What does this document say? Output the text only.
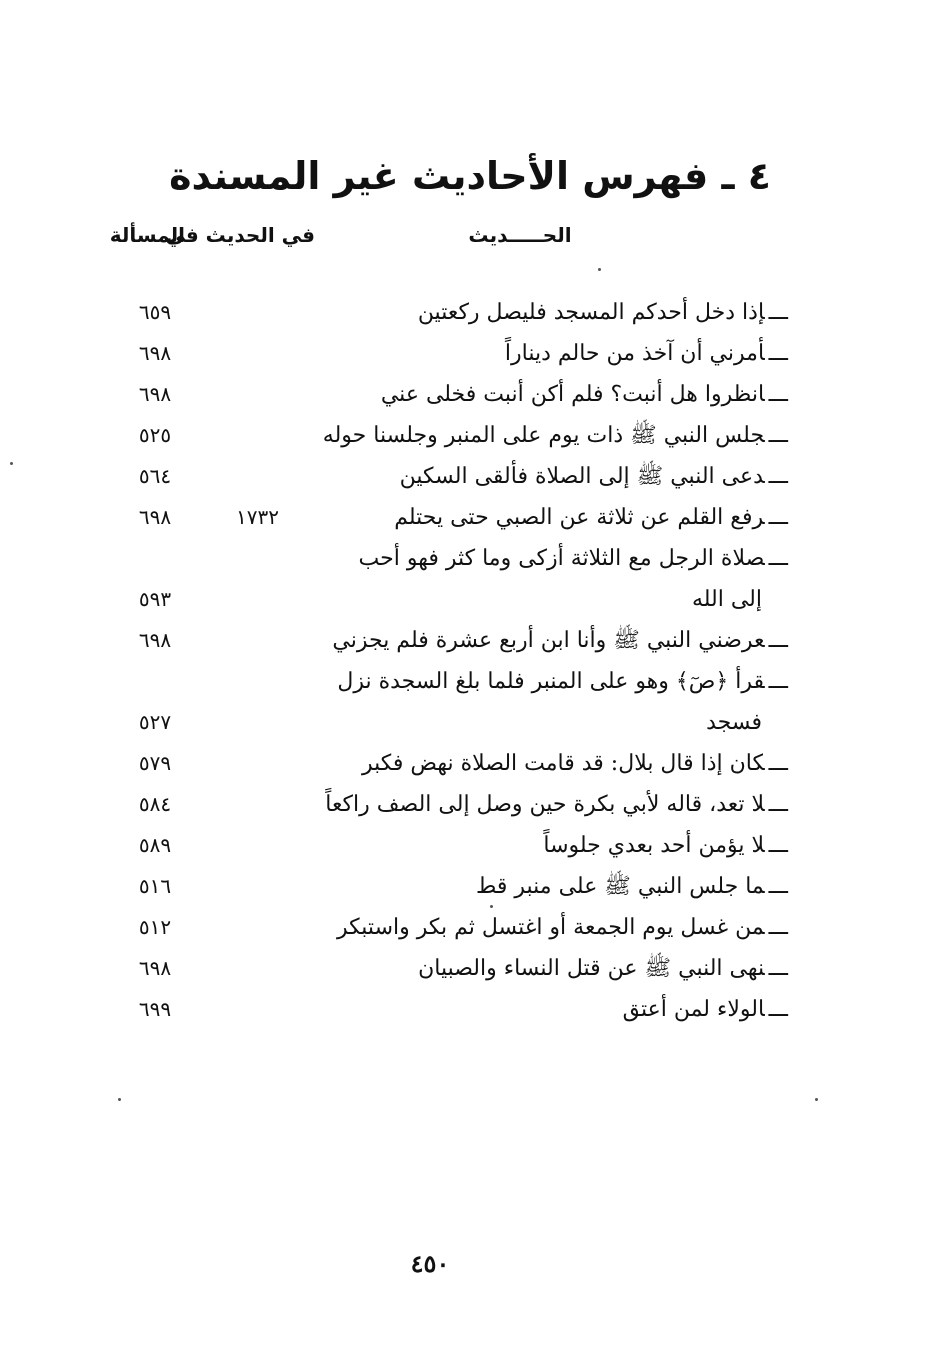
٤ ـ فهرس الأحاديث غير المسندة
الحـــــديث
في الحديث في
المسألة
ـــإذا دخل أحدكم المسجد فليصل ركعتين
٦٥٩
ـــأمرني أن آخذ من حالم ديناراً
٦٩٨
ـــانظروا هل أنبت؟ فلم أكن أنبت فخلى عني
٦٩٨
ـــجلس النبي ﷺ ذات يوم على المنبر وجلسنا حوله
٥٢٥
ـــدعى النبي ﷺ إلى الصلاة فألقى السكين
٥٦٤
ـــرفع القلم عن ثلاثة عن الصبي حتى يحتلم
١٧٣٢
٦٩٨
ـــصلاة الرجل مع الثلاثة أزكى وما كثر فهو أحب
إلى الله
٥٩٣
ـــعرضني النبي ﷺ وأنا ابن أربع عشرة فلم يجزني
٦٩٨
ـــقرأ ﴿صٓ﴾ وهو على المنبر فلما بلغ السجدة نزل
فسجد
٥٢٧
ـــكان إذا قال بلال: قد قامت الصلاة نهض فكبر
٥٧٩
ـــلا تعد، قاله لأبي بكرة حين وصل إلى الصف راكعاً
٥٨٤
ـــلا يؤمن أحد بعدي جلوساً
٥٨٩
ـــما جلس النبي ﷺ على منبر قط
٥١٦
ـــمن غسل يوم الجمعة أو اغتسل ثم بكر واستبكر
٥١٢
ـــنهى النبي ﷺ عن قتل النساء والصبيان
٦٩٨
ـــالولاء لمن أعتق
٦٩٩
٤٥٠
